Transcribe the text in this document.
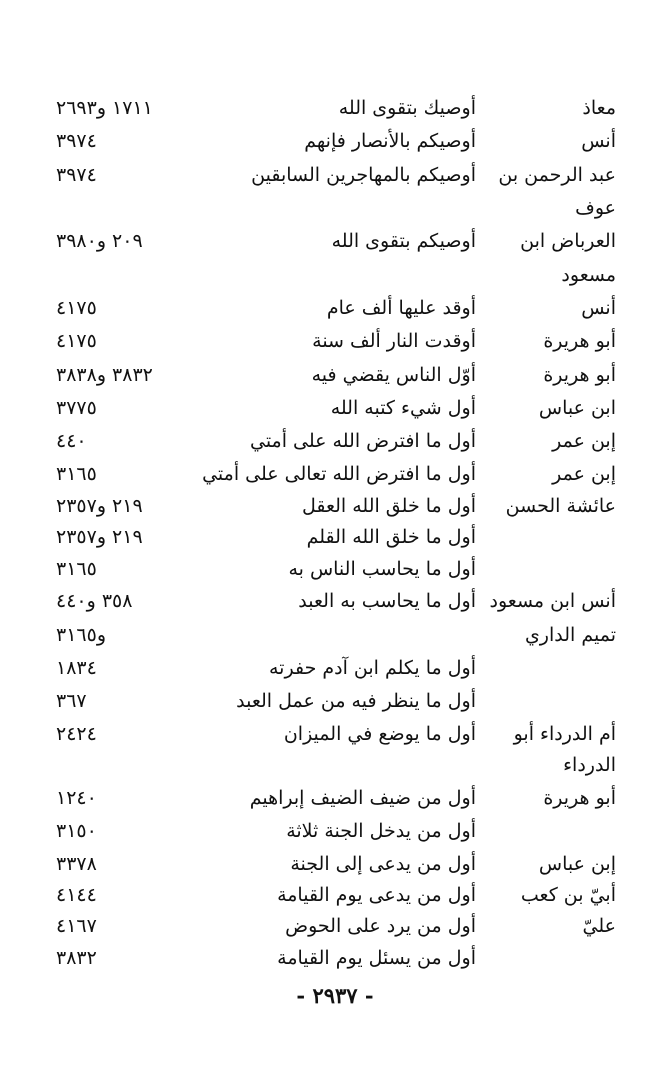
معاذ
أوصيك بتقوى الله
١٧١١ و٢٦٩٣
أنس
أوصيكم بالأنصار فإنهم
٣٩٧٤
عبد الرحمن بن
أوصيكم بالمهاجرين السابقين
٣٩٧٤
عوف
العرباض ابن
أوصيكم بتقوى الله
٢٠٩ و٣٩٨٠
مسعود
أنس
أوقد عليها ألف عام
٤١٧٥
أبو هريرة
أوقدت النار ألف سنة
٤١٧٥
أبو هريرة
أوّل الناس يقضي فيه
٣٨٣٢ و٣٨٣٨
ابن عباس
أول شيء كتبه الله
٣٧٧٥
إبن عمر
أول ما افترض الله على أمتي
٤٤٠
إبن عمر
أول ما افترض الله تعالى على أمتي
٣١٦٥
عائشة الحسن
أول ما خلق الله العقل
٢١٩ و٢٣٥٧
أول ما خلق الله القلم
٢١٩ و٢٣٥٧
أول ما يحاسب الناس به
٣١٦٥
أنس ابن مسعود
أول ما يحاسب به العبد
٣٥٨ و٤٤٠
تميم الداري
و٣١٦٥
أول ما يكلم ابن آدم حفرته
١٨٣٤
أول ما ينظر فيه من عمل العبد
٣٦٧
أم الدرداء أبو
أول ما يوضع في الميزان
٢٤٢٤
الدرداء
أبو هريرة
أول من ضيف الضيف إبراهيم
١٢٤٠
أول من يدخل الجنة ثلاثة
٣١٥٠
إبن عباس
أول من يدعى إلى الجنة
٣٣٧٨
أبيّ بن كعب
أول من يدعى يوم القيامة
٤١٤٤
عليّ
أول من يرد على الحوض
٤١٦٧
أول من يسئل يوم القيامة
٣٨٣٢
- ٢٩٣٧ -
